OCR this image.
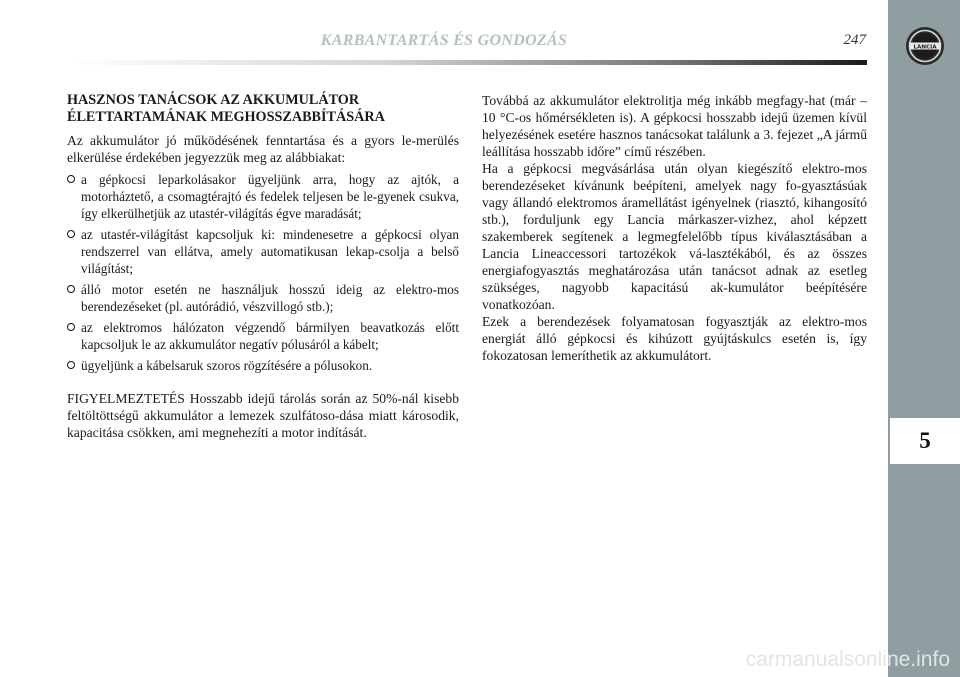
LANCIA
5
KARBANTARTÁS ÉS GONDOZÁS	247
HASZNOS TANÁCSOK AZ AKKUMULÁTOR
ÉLETTARTAMÁNAK MEGHOSSZABBÍTÁSÁRA

Az akkumulátor jó működésének fenntartása és a gyors le-merülés elkerülése érdekében jegyezzük meg az alábbiakat:

a gépkocsi leparkolásakor ügyeljünk arra, hogy az ajtók, a motorháztető, a csomagtérajtó és fedelek teljesen be le-gyenek csukva, így elkerülhetjük az utastér-világítás égve maradását;
az utastér-világítást kapcsoljuk ki: mindenesetre a gépkocsi olyan rendszerrel van ellátva, amely automatikusan lekap-csolja a belső világítást;
álló motor esetén ne használjuk hosszú ideig az elektro-mos berendezéseket (pl. autórádió, vészvillogó stb.);
az elektromos hálózaton végzendő bármilyen beavatkozás előtt kapcsoljuk le az akkumulátor negatív pólusáról a kábelt;
ügyeljünk a kábelsaruk szoros rögzítésére a pólusokon.

FIGYELMEZTETÉS Hosszabb idejű tárolás során az 50%-nál kisebb feltöltöttségű akkumulátor a lemezek szulfátoso-dása miatt károsodik, kapacitása csökken, ami megnehezíti a motor indítását.

Továbbá az akkumulátor elektrolitja még inkább megfagy-hat (már –10 °C-os hőmérsékleten is). A gépkocsi hosszabb idejű üzemen kívül helyezésének esetére hasznos tanácsokat találunk a 3. fejezet „A jármű leállítása hosszabb időre” című részében.

Ha a gépkocsi megvásárlása után olyan kiegészítő elektro-mos berendezéseket kívánunk beépíteni, amelyek nagy fo-gyasztásúak vagy állandó elektromos áramellátást igényelnek (riasztó, kihangosító stb.), forduljunk egy Lancia márkaszer-vizhez, ahol képzett szakemberek segítenek a legmegfelelőbb típus kiválasztásában a Lancia Lineaccessori tartozékok vá-lasztékából, és az összes energiafogyasztás meghatározása után tanácsot adnak az esetleg szükséges, nagyobb kapacitású ak-kumulátor beépítésére vonatkozóan.

Ezek a berendezések folyamatosan fogyasztják az elektro-mos energiát álló gépkocsi és kihúzott gyújtáskulcs esetén is, így fokozatosan lemeríthetik az akkumulátort.

carmanualsonline.info
